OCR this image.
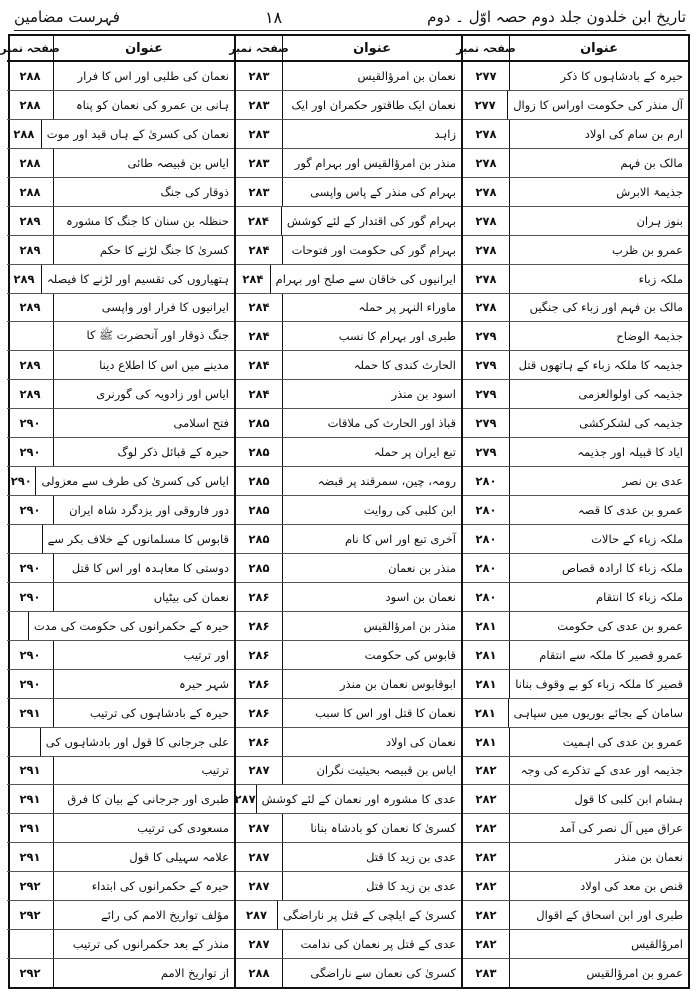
تاریخ ابن خلدون جلد دوم حصہ اوّل ۔ دوم
۱۸
فہرست مضامین
عنوان
صفحہ نمبر
حیرہ کے بادشاہوں کا ذکر
۲۷۷
آل منذر کی حکومت اوراس کا زوال
۲۷۷
ارم بن سام کی اولاد
۲۷۸
مالک بن فہم
۲۷۸
جذیمۃ الابرش
۲۷۸
بنوز ہران
۲۷۸
عمرو بن ظرب
۲۷۸
ملکہ زباء
۲۷۸
مالک بن فہم اور زباء کی جنگیں
۲۷۸
جذیمۃ الوضاح
۲۷۹
جذیمہ کا ملکہ زباء کے ہاتھوں قتل
۲۷۹
جذیمہ کی اولوالعزمی
۲۷۹
جذیمہ کی لشکرکشی
۲۷۹
ایاد کا قبیلہ اور جذیمہ
۲۷۹
عدی بن نصر
۲۸۰
عمرو بن عدی کا قصہ
۲۸۰
ملکہ زباء کے حالات
۲۸۰
ملکہ زباء کا ارادہ قصاص
۲۸۰
ملکہ زباء کا انتقام
۲۸۰
عمرو بن عدی کی حکومت
۲۸۱
عمرو قصیر کا ملکہ سے انتقام
۲۸۱
قصیر کا ملکہ زباء کو بے وقوف بنانا
۲۸۱
سامان کے بجائے بوریوں میں سپاہی
۲۸۱
عمرو بن عدی کی اہمیت
۲۸۱
جذیمہ اور عدی کے تذکرے کی وجہ
۲۸۲
ہشام ابن کلبی کا قول
۲۸۲
عراق میں آل نصر کی آمد
۲۸۲
نعمان بن منذر
۲۸۲
قنص بن معد کی اولاد
۲۸۲
طبری اور ابن اسحاق کے اقوال
۲۸۲
امرؤالقیس
۲۸۲
عمرو بن امرؤالقیس
۲۸۳
عنوان
صفحہ نمبر
نعمان بن امرؤالقیس
۲۸۳
نعمان ایک طاقتور حکمران اور ایک
۲۸۳
زاہد
۲۸۳
منذر بن امرؤالقیس اور بہرام گور
۲۸۳
بہرام کی منذر کے پاس واپسی
۲۸۳
بہرام گور کی اقتدار کے لئے کوشش
۲۸۴
بہرام گور کی حکومت اور فتوحات
۲۸۴
ایرانیوں کی خاقان سے صلح اور بہرام
۲۸۴
ماوراء النہر پر حملہ
۲۸۴
طبری اور بہرام کا نسب
۲۸۴
الحارث کندی کا حملہ
۲۸۴
اسود بن منذر
۲۸۴
قباذ اور الحارث کی ملاقات
۲۸۵
تبع ایران پر حملہ
۲۸۵
رومہ، چین، سمرقند پر قبضہ
۲۸۵
ابن کلبی کی روایت
۲۸۵
آخری تبع اور اس کا نام
۲۸۵
منذر بن نعمان
۲۸۵
نعمان بن اسود
۲۸۶
منذر بن امرؤالقیس
۲۸۶
قابوس کی حکومت
۲۸۶
ابوقابوس نعمان بن منذر
۲۸۶
نعمان کا قتل اور اس کا سبب
۲۸۶
نعمان کی اولاد
۲۸۶
ایاس بن قبیصہ بحیثیت نگران
۲۸۷
عدی کا مشورہ اور نعمان کے لئے کوشش
۲۸۷
کسریٰ کا نعمان کو بادشاہ بنانا
۲۸۷
عدی بن زید کا قتل
۲۸۷
عدی بن زید کا قتل
۲۸۷
کسریٰ کے ایلچی کے قتل پر ناراضگی
۲۸۷
عدی کے قتل پر نعمان کی ندامت
۲۸۷
کسریٰ کی نعمان سے ناراضگی
۲۸۸
عنوان
صفحہ نمبر
نعمان کی طلبی اور اس کا فرار
۲۸۸
ہانی بن عمرو کی نعمان کو پناہ
۲۸۸
نعمان کی کسریٰ کے ہاں قید اور موت
۲۸۸
ایاس بن قبیصہ طائی
۲۸۸
ذوقار کی جنگ
۲۸۸
حنظلہ بن سنان کا جنگ کا مشورہ
۲۸۹
کسریٰ کا جنگ لڑنے کا حکم
۲۸۹
ہتھیاروں کی تقسیم اور لڑنے کا فیصلہ
۲۸۹
ایرانیوں کا فرار اور واپسی
۲۸۹
جنگ ذوقار اور آنحضرت ﷺ کا
مدینے میں اس کا اطلاع دینا
۲۸۹
ایاس اور زادویہ کی گورنری
۲۸۹
فتح اسلامی
۲۹۰
حیرہ کے قبائل ذکر لوگ
۲۹۰
ایاس کی کسریٰ کی طرف سے معزولی
۲۹۰
دور فاروقی اور یزدگرد شاہ ایران
۲۹۰
قابوس کا مسلمانوں کے خلاف بکر سے
دوستی کا معاہدہ اور اس کا قتل
۲۹۰
نعمان کی بیٹیاں
۲۹۰
حیرہ کے حکمرانوں کی حکومت کی مدت
اور ترتیب
۲۹۰
شہر حیرہ
۲۹۰
حیرہ کے بادشاہوں کی ترتیب
۲۹۱
علی جرجانی کا قول اور بادشاہوں کی
ترتیب
۲۹۱
طبری اور جرجانی کے بیان کا فرق
۲۹۱
مسعودی کی ترتیب
۲۹۱
علامہ سہیلی کا قول
۲۹۱
حیرہ کے حکمرانوں کی ابتداء
۲۹۲
مؤلف تواریخ الامم کی رائے
۲۹۲
منذر کے بعد حکمرانوں کی ترتیب
از تواریخ الامم
۲۹۲
